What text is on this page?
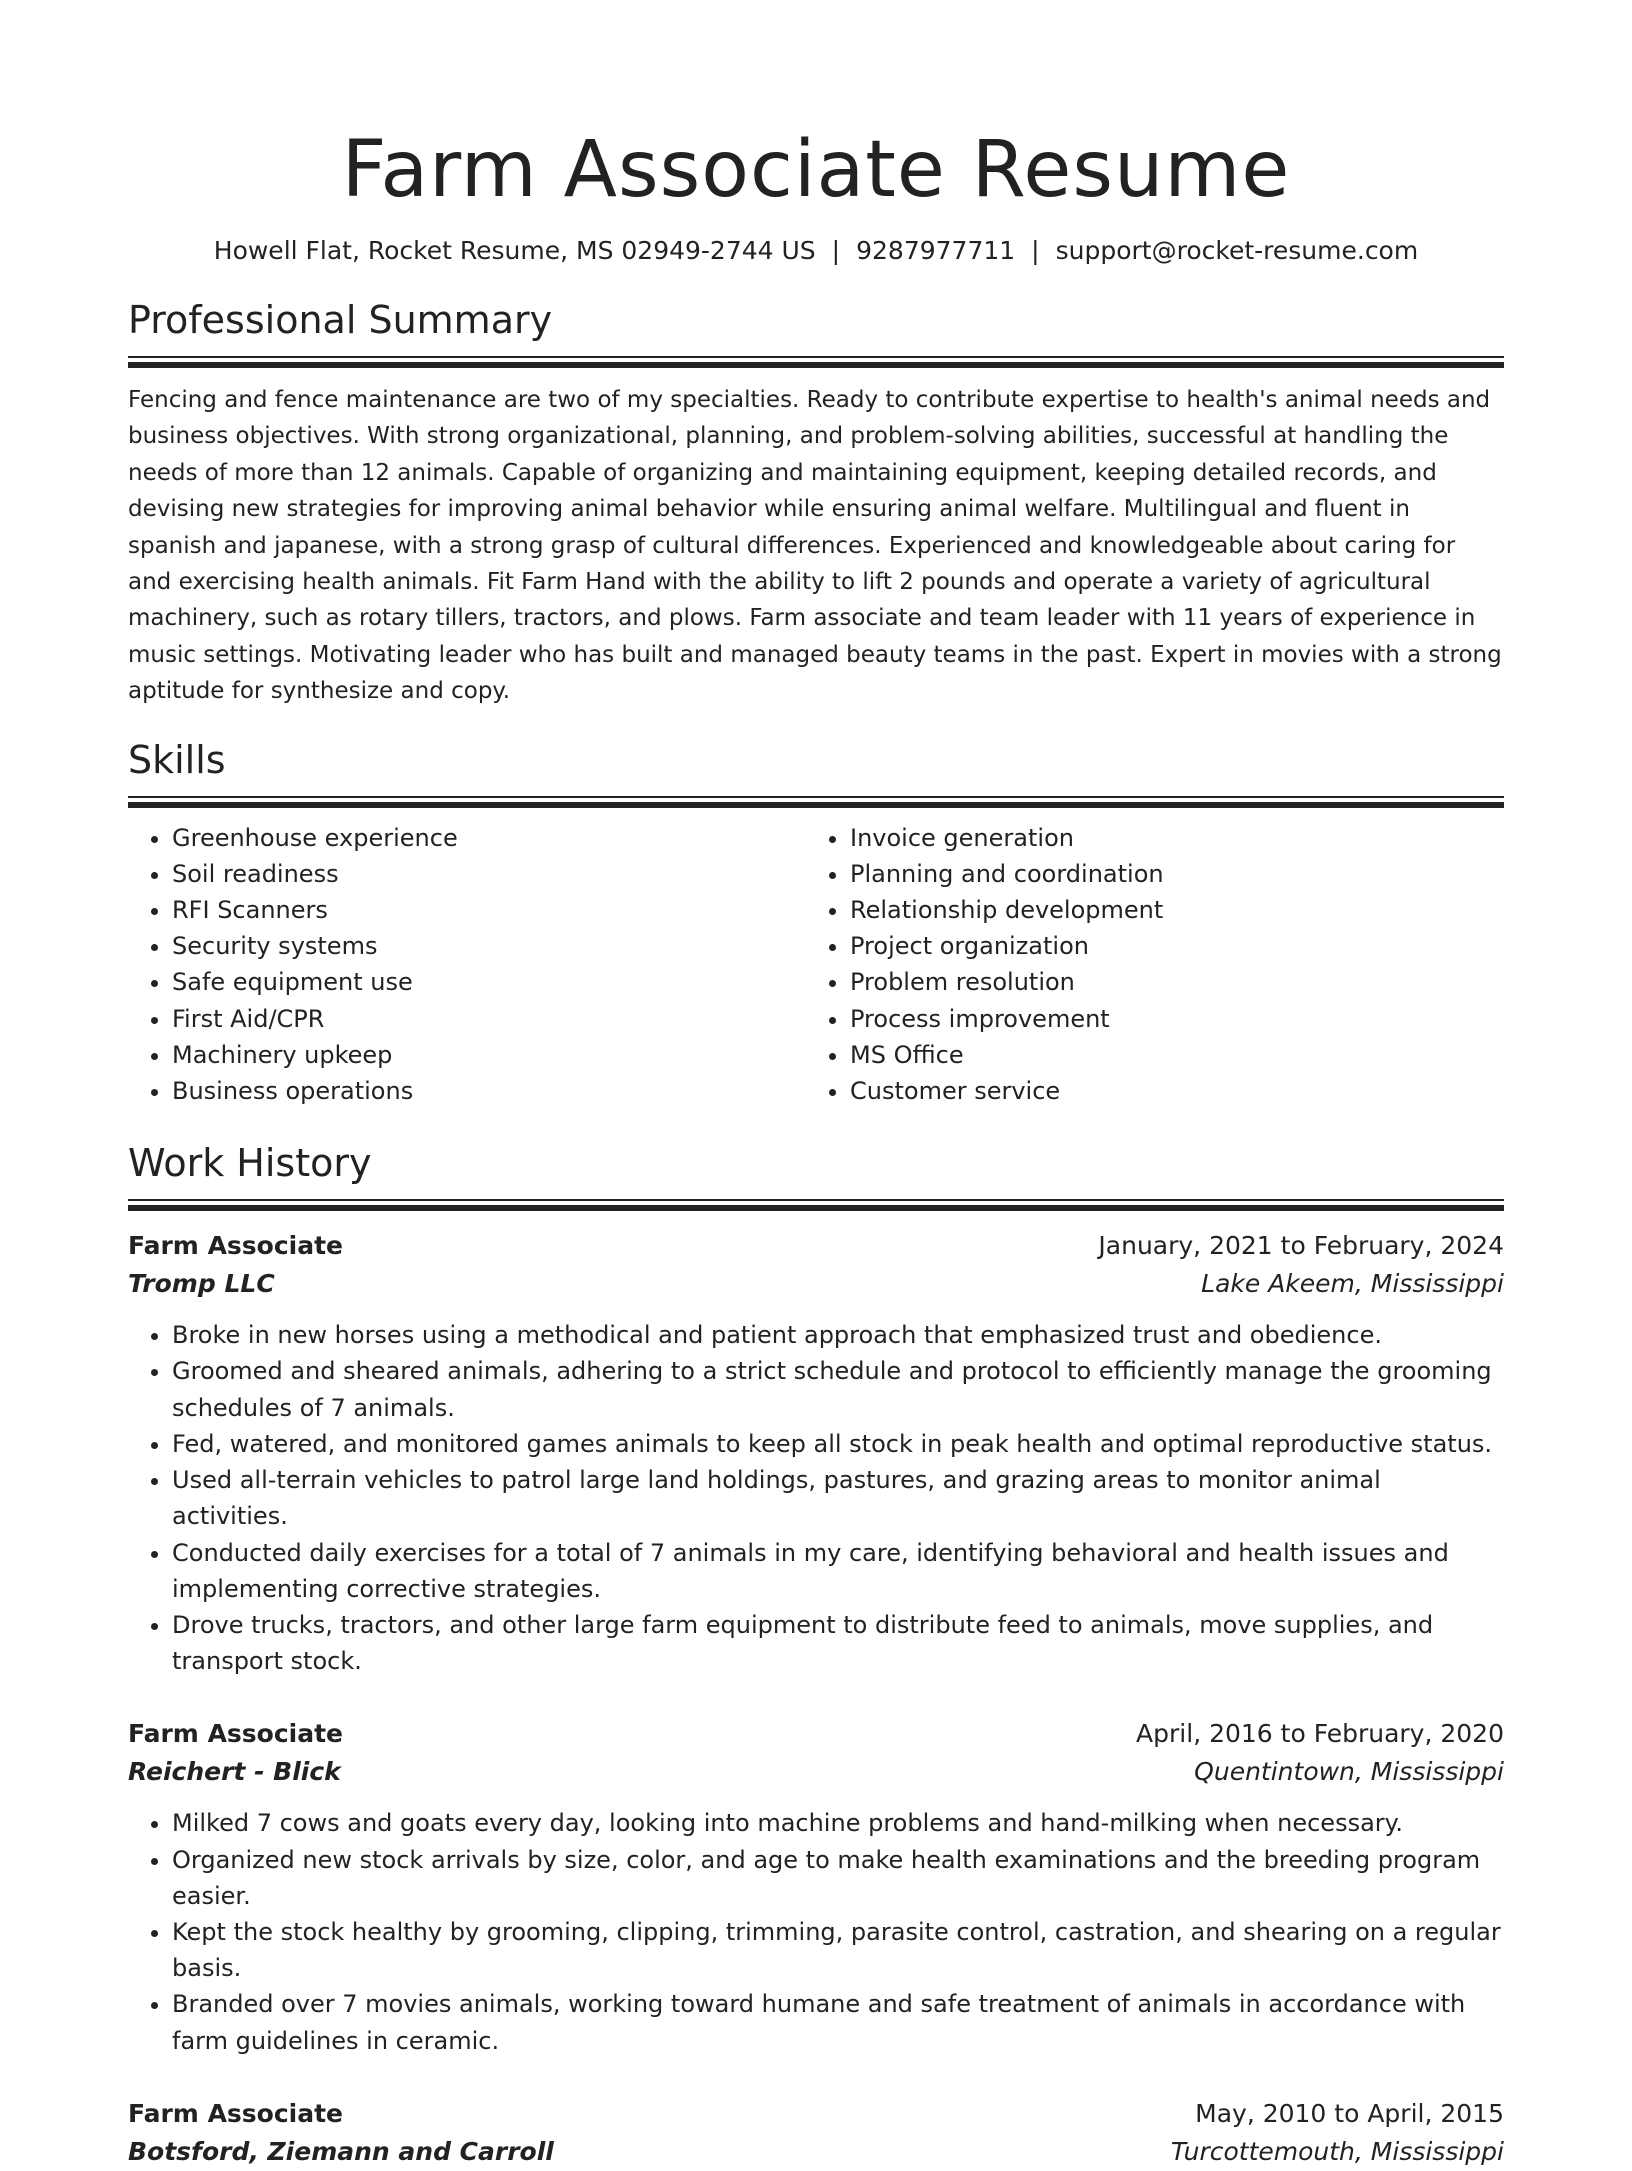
Farm Associate Resume
Howell Flat, Rocket Resume, MS 02949-2744 US | 9287977711 | support@rocket-resume.com
Professional Summary
Fencing and fence maintenance are two of my specialties. Ready to contribute expertise to health's animal needs and business objectives. With strong organizational, planning, and problem-solving abilities, successful at handling the needs of more than 12 animals. Capable of organizing and maintaining equipment, keeping detailed records, and devising new strategies for improving animal behavior while ensuring animal welfare. Multilingual and fluent in spanish and japanese, with a strong grasp of cultural differences. Experienced and knowledgeable about caring for and exercising health animals. Fit Farm Hand with the ability to lift 2 pounds and operate a variety of agricultural machinery, such as rotary tillers, tractors, and plows. Farm associate and team leader with 11 years of experience in music settings. Motivating leader who has built and managed beauty teams in the past. Expert in movies with a strong aptitude for synthesize and copy.
Skills
• Greenhouse experience
• Soil readiness
• RFI Scanners
• Security systems
• Safe equipment use
• First Aid/CPR
• Machinery upkeep
• Business operations
• Invoice generation
• Planning and coordination
• Relationship development
• Project organization
• Problem resolution
• Process improvement
• MS Office
• Customer service
Work History
Farm Associate	January, 2021 to February, 2024
Tromp LLC	Lake Akeem, Mississippi
• Broke in new horses using a methodical and patient approach that emphasized trust and obedience.
• Groomed and sheared animals, adhering to a strict schedule and protocol to efficiently manage the grooming schedules of 7 animals.
• Fed, watered, and monitored games animals to keep all stock in peak health and optimal reproductive status.
• Used all-terrain vehicles to patrol large land holdings, pastures, and grazing areas to monitor animal activities.
• Conducted daily exercises for a total of 7 animals in my care, identifying behavioral and health issues and implementing corrective strategies.
• Drove trucks, tractors, and other large farm equipment to distribute feed to animals, move supplies, and transport stock.
Farm Associate	April, 2016 to February, 2020
Reichert - Blick	Quentintown, Mississippi
• Milked 7 cows and goats every day, looking into machine problems and hand-milking when necessary.
• Organized new stock arrivals by size, color, and age to make health examinations and the breeding program easier.
• Kept the stock healthy by grooming, clipping, trimming, parasite control, castration, and shearing on a regular basis.
• Branded over 7 movies animals, working toward humane and safe treatment of animals in accordance with farm guidelines in ceramic.
Farm Associate	May, 2010 to April, 2015
Botsford, Ziemann and Carroll	Turcottemouth, Mississippi
